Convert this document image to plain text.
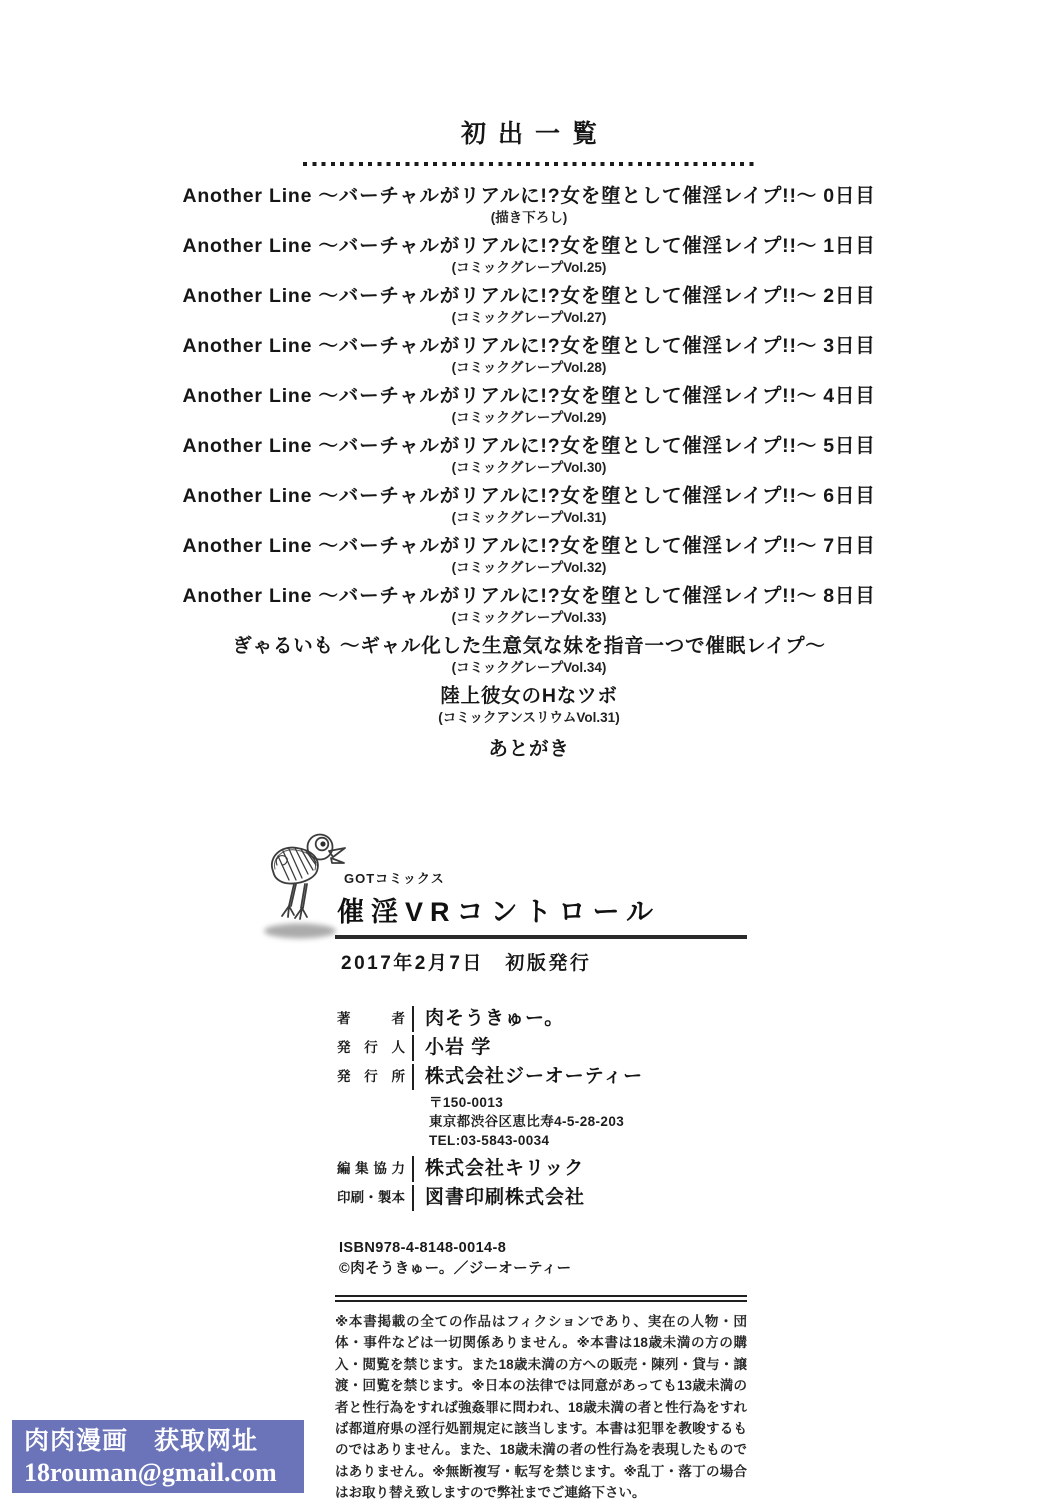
初出一覧
Another Line ～バーチャルがリアルに!?女を堕として催淫レイプ!!～ 0日目
(描き下ろし)
Another Line ～バーチャルがリアルに!?女を堕として催淫レイプ!!～ 1日目
(コミックグレープVol.25)
Another Line ～バーチャルがリアルに!?女を堕として催淫レイプ!!～ 2日目
(コミックグレープVol.27)
Another Line ～バーチャルがリアルに!?女を堕として催淫レイプ!!～ 3日目
(コミックグレープVol.28)
Another Line ～バーチャルがリアルに!?女を堕として催淫レイプ!!～ 4日目
(コミックグレープVol.29)
Another Line ～バーチャルがリアルに!?女を堕として催淫レイプ!!～ 5日目
(コミックグレープVol.30)
Another Line ～バーチャルがリアルに!?女を堕として催淫レイプ!!～ 6日目
(コミックグレープVol.31)
Another Line ～バーチャルがリアルに!?女を堕として催淫レイプ!!～ 7日目
(コミックグレープVol.32)
Another Line ～バーチャルがリアルに!?女を堕として催淫レイプ!!～ 8日目
(コミックグレープVol.33)
ぎゃるいも ～ギャル化した生意気な妹を指音一つで催眠レイプ～
(コミックグレープVol.34)
陸上彼女のHなツボ
(コミックアンスリウムVol.31)
あとがき
GOTコミックス
催淫VRコントロール
2017年2月7日　初版発行
著者	肉そうきゅー。
発行人	小岩 学
発行所	株式会社ジーオーティー
〒150-0013
東京都渋谷区恵比寿4-5-28-203
TEL:03-5843-0034
編集協力	株式会社キリック
印刷・製本	図書印刷株式会社
ISBN978-4-8148-0014-8
©肉そうきゅー。／ジーオーティー

※本書掲載の全ての作品はフィクションであり、実在の人物・団体・事件などは一切関係ありません。※本書は18歳未満の方の購入・閲覧を禁じます。また18歳未満の方への販売・陳列・貸与・譲渡・回覧を禁じます。※日本の法律では同意があっても13歳未満の者と性行為をすれば強姦罪に問われ、18歳未満の者と性行為をすれば都道府県の淫行処罰規定に該当します。本書は犯罪を教唆するものではありません。また、18歳未満の者の性行為を表現したものではありません。※無断複写・転写を禁じます。※乱丁・落丁の場合はお取り替え致しますので弊社までご連絡下さい。

肉肉漫画　获取网址
18rouman@gmail.com
